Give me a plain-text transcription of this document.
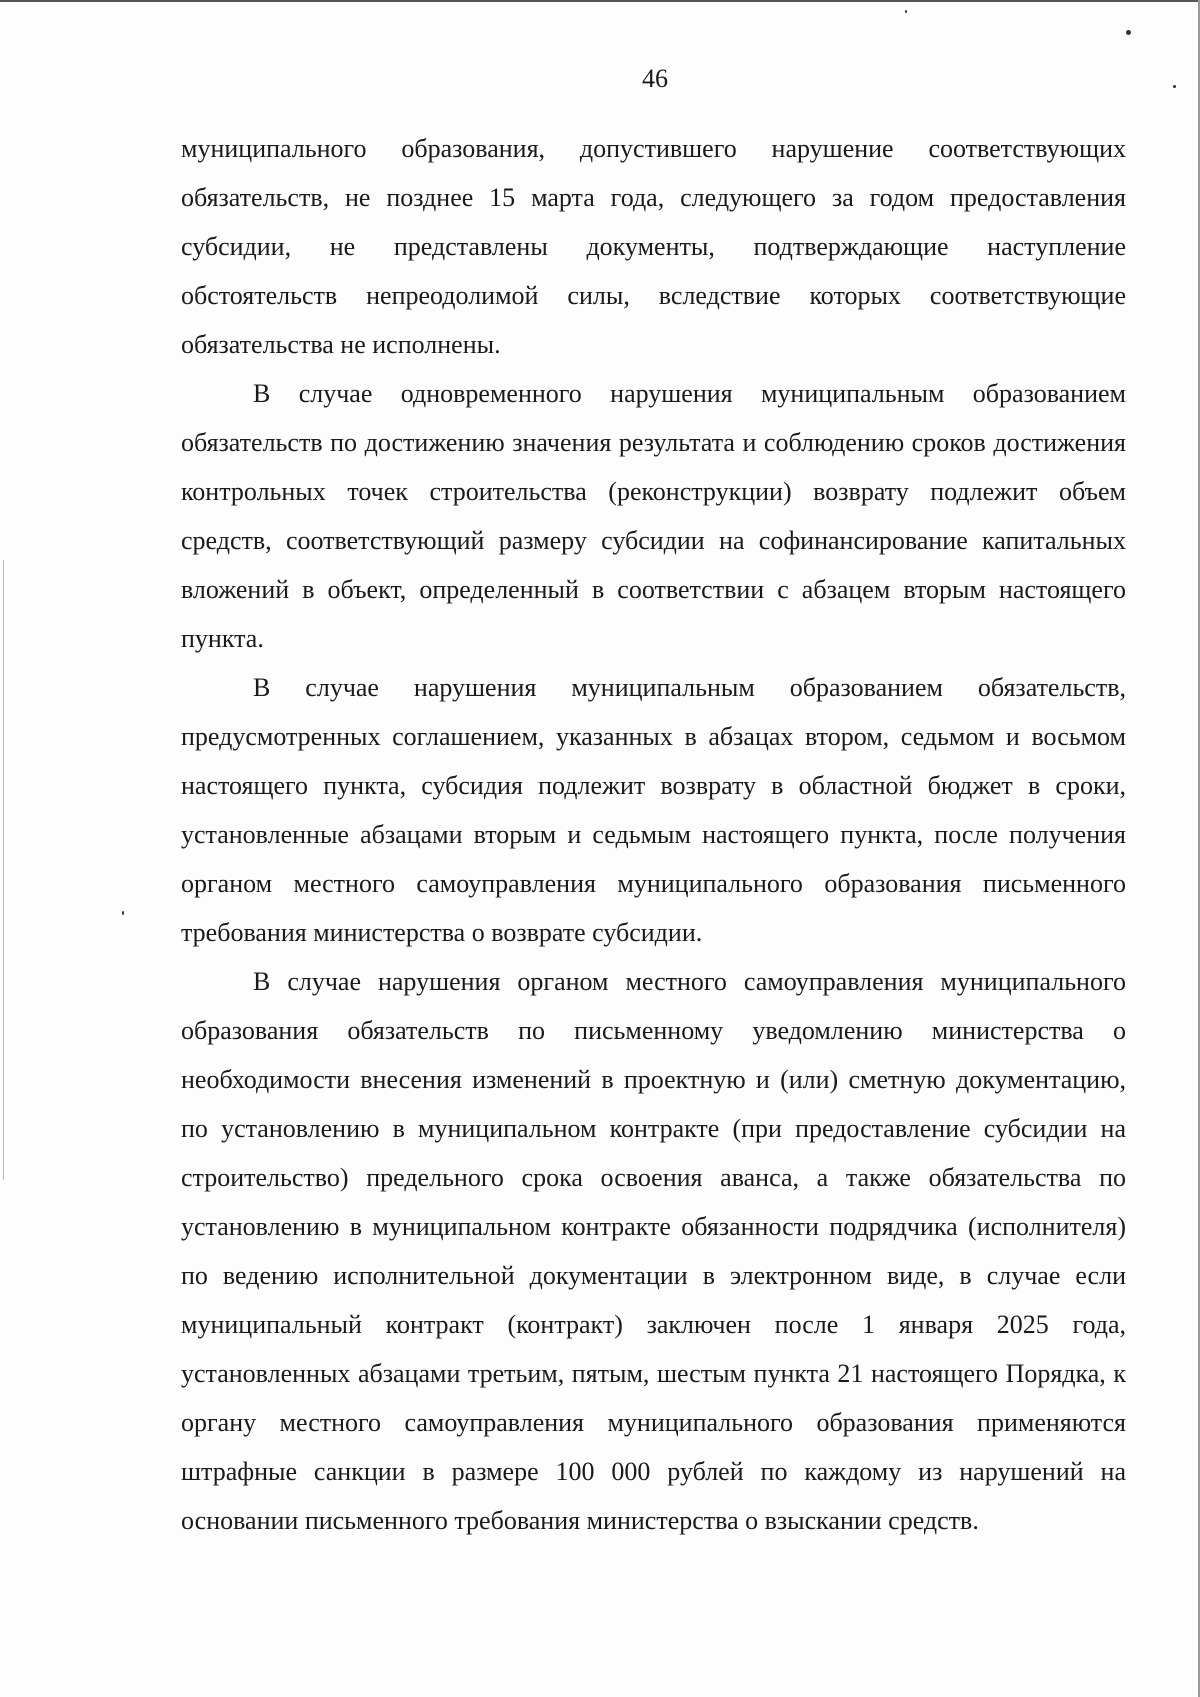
46

муниципального образования, допустившего нарушение соответствующих обязательств, не позднее 15 марта года, следующего за годом предоставления субсидии, не представлены документы, подтверждающие наступление обстоятельств непреодолимой силы, вследствие которых соответствующие обязательства не исполнены.

В случае одновременного нарушения муниципальным образованием обязательств по достижению значения результата и соблюдению сроков достижения контрольных точек строительства (реконструкции) возврату подлежит объем средств, соответствующий размеру субсидии на софинансирование капитальных вложений в объект, определенный в соответствии с абзацем вторым настоящего пункта.

В случае нарушения муниципальным образованием обязательств, предусмотренных соглашением, указанных в абзацах втором, седьмом и восьмом настоящего пункта, субсидия подлежит возврату в областной бюджет в сроки, установленные абзацами вторым и седьмым настоящего пункта, после получения органом местного самоуправления муниципального образования письменного требования министерства о возврате субсидии.

В случае нарушения органом местного самоуправления муниципального образования обязательств по письменному уведомлению министерства о необходимости внесения изменений в проектную и (или) сметную документацию, по установлению в муниципальном контракте (при предоставление субсидии на строительство) предельного срока освоения аванса, а также обязательства по установлению в муниципальном контракте обязанности подрядчика (исполнителя) по ведению исполнительной документации в электронном виде, в случае если муниципальный контракт (контракт) заключен после 1 января 2025 года, установленных абзацами третьим, пятым, шестым пункта 21 настоящего Порядка, к органу местного самоуправления муниципального образования применяются штрафные санкции в размере 100 000 рублей по каждому из нарушений на основании письменного требования министерства о взыскании средств.
